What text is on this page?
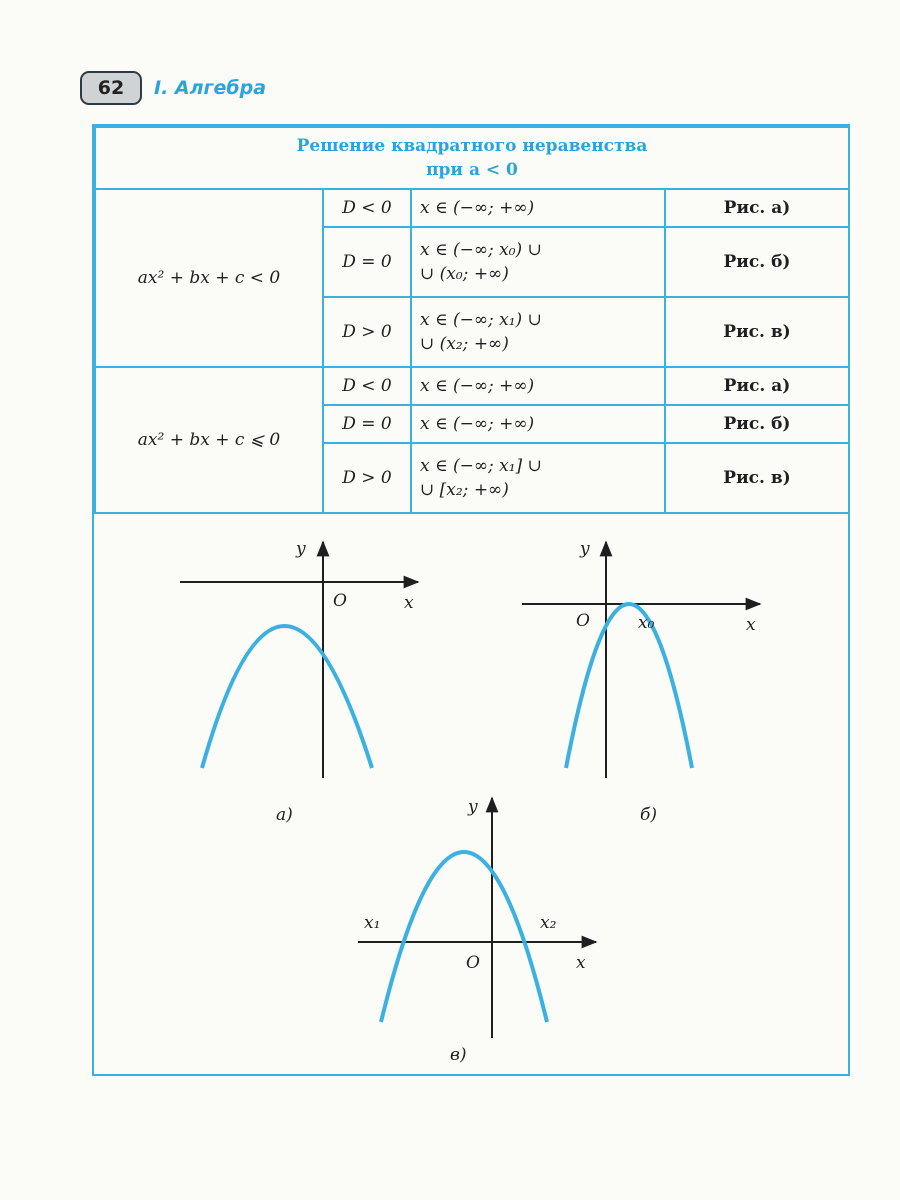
62	I. Алгебра
Решение квадратного неравенства
при a < 0			
ax² + bx + c < 0	D < 0	x ∈ (−∞; +∞)	Рис. а)
	D = 0	x ∈ (−∞; x₀) ∪
∪ (x₀; +∞)	Рис. б)
	D > 0	x ∈ (−∞; x₁) ∪
∪ (x₂; +∞)	Рис. в)
ax² + bx + c ⩽ 0	D < 0	x ∈ (−∞; +∞)	Рис. а)
	D = 0	x ∈ (−∞; +∞)	Рис. б)
	D > 0	x ∈ (−∞; x₁] ∪
∪ [x₂; +∞)	Рис. в)
y
x
O
а)
y
x
O	x₀
б)
y
x
O
x₁	x₂
в)
